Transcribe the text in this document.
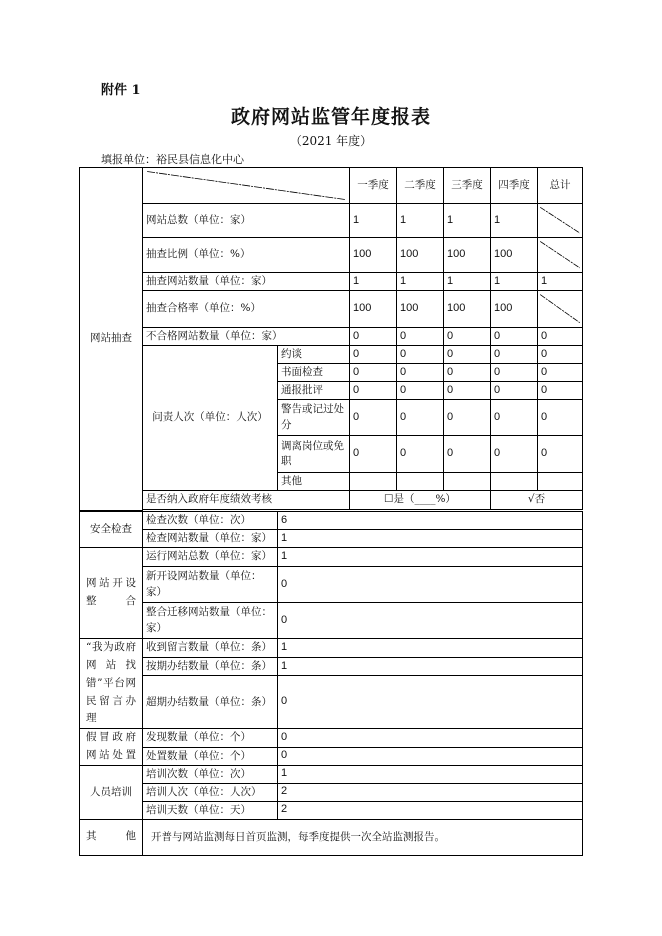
附件 1
政府网站监管年度报表
（2021 年度）
填报单位：裕民县信息化中心
网站抽查			一季度	二季度	三季度	四季度	总计
	网站总数（单位：家）		1	1	1	1	

	抽查比例（单位：%）		100	100	100	100	

	抽查网站数量（单位：家）		1	1	1	1	1
	抽查合格率（单位：%）		100	100	100	100	

	不合格网站数量（单位：家）		0	0	0	0	0
	问责人次（单位：人次）	约谈	0	0	0	0	0
		书面检查	0	0	0	0	0
		通报批评	0	0	0	0	0
		警告或记过处分	0	0	0	0	0
		调离岗位或免职	0	0	0	0	0
		其他					
	是否纳入政府年度绩效考核		☐是（____%）			√否	

安全检查	检查次数（单位：次）	6
	检查网站数量（单位：家）	1
网站开设整合	运行网站总数（单位：家）	1
	新开设网站数量（单位：家）	0
	整合迁移网站数量（单位：家）	0
“我为政府网站找错”平台网民留言办理	收到留言数量（单位：条）	1
	按期办结数量（单位：条）	1
	超期办结数量（单位：条）	0
假冒政府网站处置	发现数量（单位：个）	0
	处置数量（单位：个）	0
人员培训	培训次数（单位：次）	1
	培训人次（单位：人次）	2
	培训天数（单位：天）	2
其他	开普与网站监测每日首页监测，每季度提供一次全站监测报告。	
